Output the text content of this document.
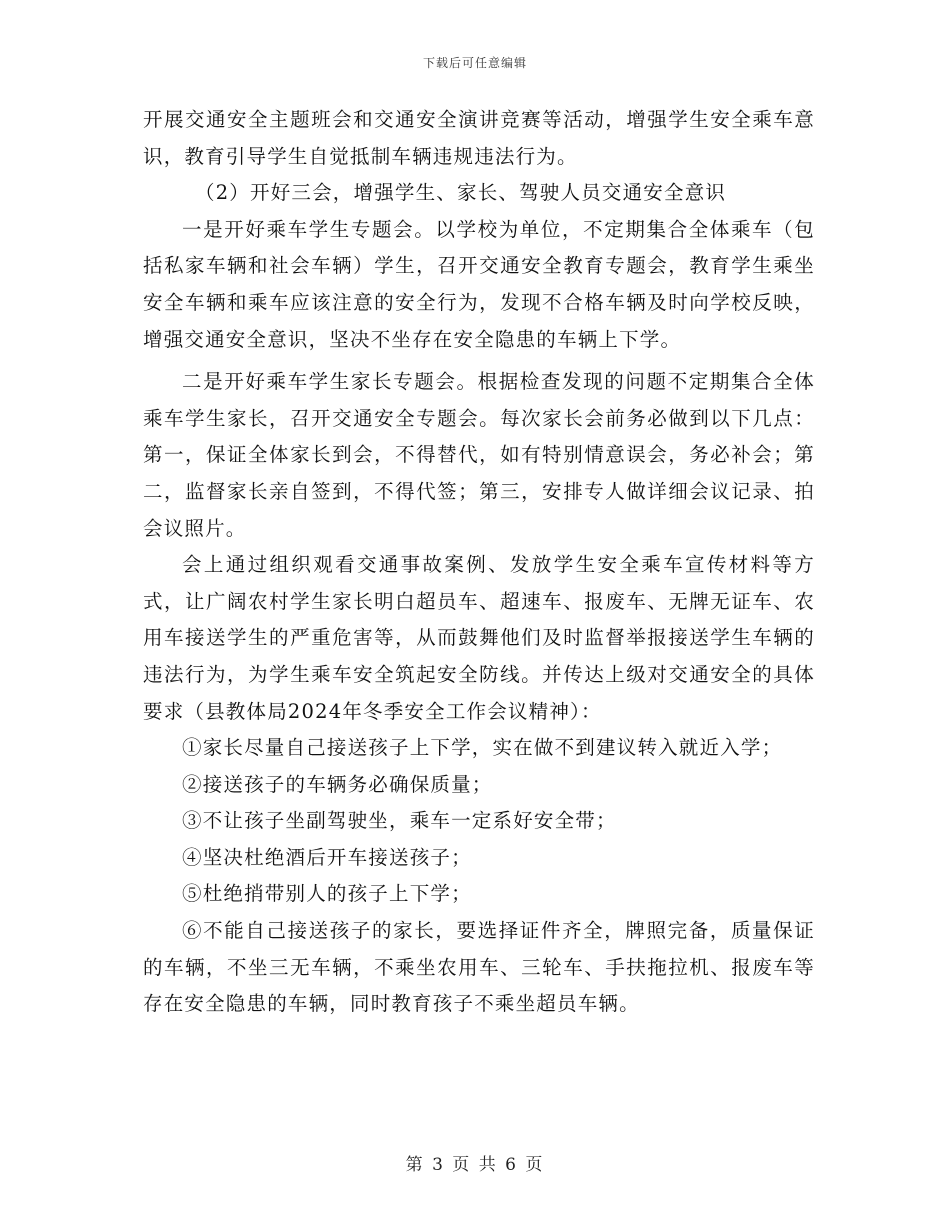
下载后可任意编辑

开展交通安全主题班会和交通安全演讲竞赛等活动，增强学生安全乘车意识，教育引导学生自觉抵制车辆违规违法行为。

（2）开好三会，增强学生、家长、驾驶人员交通安全意识

一是开好乘车学生专题会。以学校为单位，不定期集合全体乘车（包括私家车辆和社会车辆）学生，召开交通安全教育专题会，教育学生乘坐安全车辆和乘车应该注意的安全行为，发现不合格车辆及时向学校反映，增强交通安全意识，坚决不坐存在安全隐患的车辆上下学。

二是开好乘车学生家长专题会。根据检查发现的问题不定期集合全体乘车学生家长，召开交通安全专题会。每次家长会前务必做到以下几点：第一，保证全体家长到会，不得替代，如有特别情意误会，务必补会；第二，监督家长亲自签到，不得代签；第三，安排专人做详细会议记录、拍会议照片。

会上通过组织观看交通事故案例、发放学生安全乘车宣传材料等方式，让广阔农村学生家长明白超员车、超速车、报废车、无牌无证车、农用车接送学生的严重危害等，从而鼓舞他们及时监督举报接送学生车辆的违法行为，为学生乘车安全筑起安全防线。并传达上级对交通安全的具体要求（县教体局2024年冬季安全工作会议精神）：

①家长尽量自己接送孩子上下学，实在做不到建议转入就近入学；

②接送孩子的车辆务必确保质量；

③不让孩子坐副驾驶坐，乘车一定系好安全带；

④坚决杜绝酒后开车接送孩子；

⑤杜绝捎带别人的孩子上下学；

⑥不能自己接送孩子的家长，要选择证件齐全，牌照完备，质量保证的车辆，不坐三无车辆，不乘坐农用车、三轮车、手扶拖拉机、报废车等存在安全隐患的车辆，同时教育孩子不乘坐超员车辆。

第 3 页 共 6 页
